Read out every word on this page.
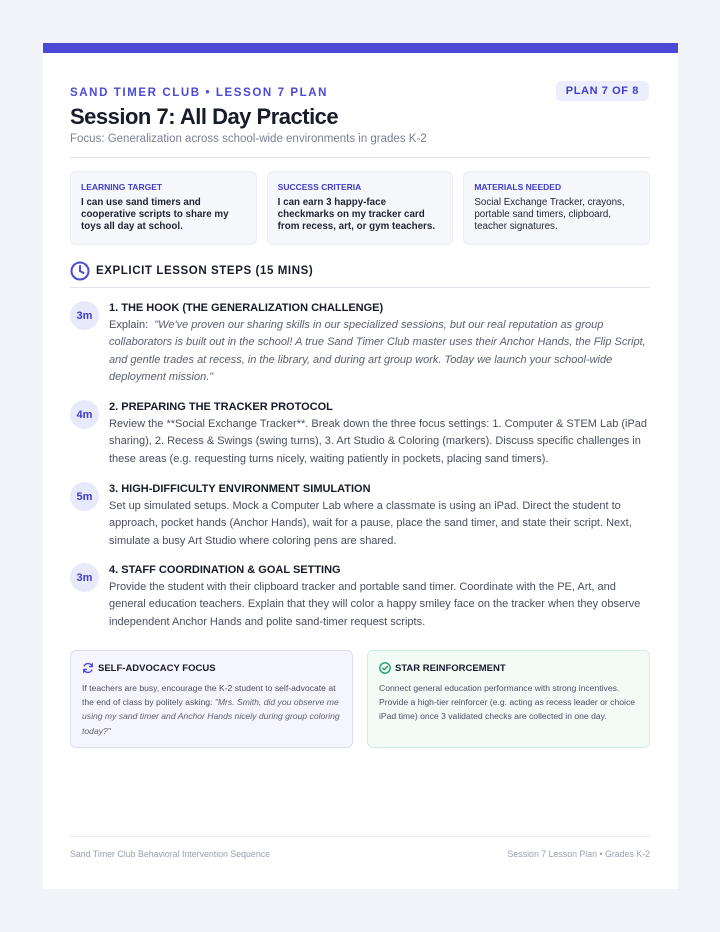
SAND TIMER CLUB • LESSON 7 PLAN	PLAN 7 OF 8
Session 7: All Day Practice
Focus: Generalization across school-wide environments in grades K-2
LEARNING TARGET
I can use sand timers and cooperative scripts to share my toys all day at school.
SUCCESS CRITERIA
I can earn 3 happy-face checkmarks on my tracker card from recess, art, or gym teachers.
MATERIALS NEEDED
Social Exchange Tracker, crayons, portable sand timers, clipboard, teacher signatures.
EXPLICIT LESSON STEPS (15 MINS)
3m
1. THE HOOK (THE GENERALIZATION CHALLENGE)
Explain: "We've proven our sharing skills in our specialized sessions, but our real reputation as group collaborators is built out in the school! A true Sand Timer Club master uses their Anchor Hands, the Flip Script, and gentle trades at recess, in the library, and during art group work. Today we launch your school-wide deployment mission."
4m
2. PREPARING THE TRACKER PROTOCOL
Review the **Social Exchange Tracker**. Break down the three focus settings: 1. Computer & STEM Lab (iPad sharing), 2. Recess & Swings (swing turns), 3. Art Studio & Coloring (markers). Discuss specific challenges in these areas (e.g. requesting turns nicely, waiting patiently in pockets, placing sand timers).
5m
3. HIGH-DIFFICULTY ENVIRONMENT SIMULATION
Set up simulated setups. Mock a Computer Lab where a classmate is using an iPad. Direct the student to approach, pocket hands (Anchor Hands), wait for a pause, place the sand timer, and state their script. Next, simulate a busy Art Studio where coloring pens are shared.
3m
4. STAFF COORDINATION & GOAL SETTING
Provide the student with their clipboard tracker and portable sand timer. Coordinate with the PE, Art, and general education teachers. Explain that they will color a happy smiley face on the tracker when they observe independent Anchor Hands and polite sand-timer request scripts.
SELF-ADVOCACY FOCUS
If teachers are busy, encourage the K-2 student to self-advocate at the end of class by politely asking: "Mrs. Smith, did you observe me using my sand timer and Anchor Hands nicely during group coloring today?"
STAR REINFORCEMENT
Connect general education performance with strong incentives. Provide a high-tier reinforcer (e.g. acting as recess leader or choice iPad time) once 3 validated checks are collected in one day.
Sand Timer Club Behavioral Intervention Sequence	Session 7 Lesson Plan • Grades K-2
